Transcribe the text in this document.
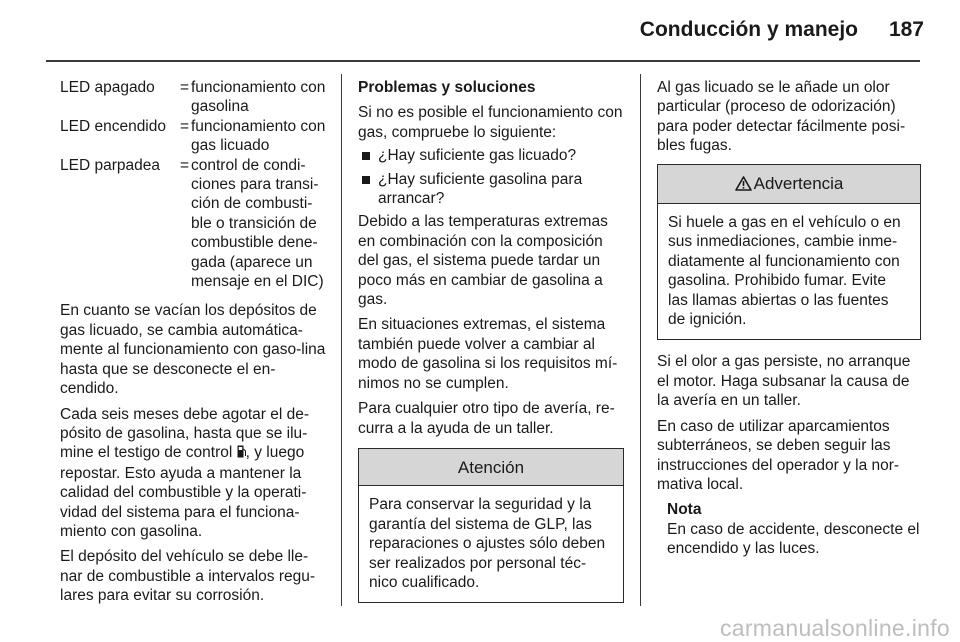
Conducción y manejo 187
LED apagado	= funcionamiento con gasolina
LED encendido = funcionamiento con gas licuado
LED parpadea	= control de condi-ciones para transi-ción de combusti-ble o transición de combustible dene-gada (aparece un mensaje en el DIC)

En cuanto se vacían los depósitos de gas licuado, se cambia automática-mente al funcionamiento con gaso-lina hasta que se desconecte el en-cendido.

Cada seis meses debe agotar el de-pósito de gasolina, hasta que se ilu-mine el testigo de control , y luego repostar. Esto ayuda a mantener la calidad del combustible y la operati-vidad del sistema para el funciona-miento con gasolina.

El depósito del vehículo se debe lle-nar de combustible a intervalos regu-lares para evitar su corrosión.

Problemas y soluciones

Si no es posible el funcionamiento con gas, compruebe lo siguiente:

¿Hay suficiente gas licuado?
¿Hay suficiente gasolina para arrancar?

Debido a las temperaturas extremas en combinación con la composición del gas, el sistema puede tardar un poco más en cambiar de gasolina a gas.

En situaciones extremas, el sistema también puede volver a cambiar al modo de gasolina si los requisitos mí-nimos no se cumplen.

Para cualquier otro tipo de avería, re-curra a la ayuda de un taller.

Atención
Para conservar la seguridad y la garantía del sistema de GLP, las reparaciones o ajustes sólo deben ser realizados por personal téc-nico cualificado.

Al gas licuado se le añade un olor particular (proceso de odorización) para poder detectar fácilmente posi-bles fugas.

Advertencia
Si huele a gas en el vehículo o en sus inmediaciones, cambie inme-diatamente al funcionamiento con gasolina. Prohibido fumar. Evite las llamas abiertas o las fuentes de ignición.

Si el olor a gas persiste, no arranque el motor. Haga subsanar la causa de la avería en un taller.

En caso de utilizar aparcamientos subterráneos, se deben seguir las instrucciones del operador y la nor-mativa local.

Nota
En caso de accidente, desconecte el encendido y las luces.
carmanualsonline.info
